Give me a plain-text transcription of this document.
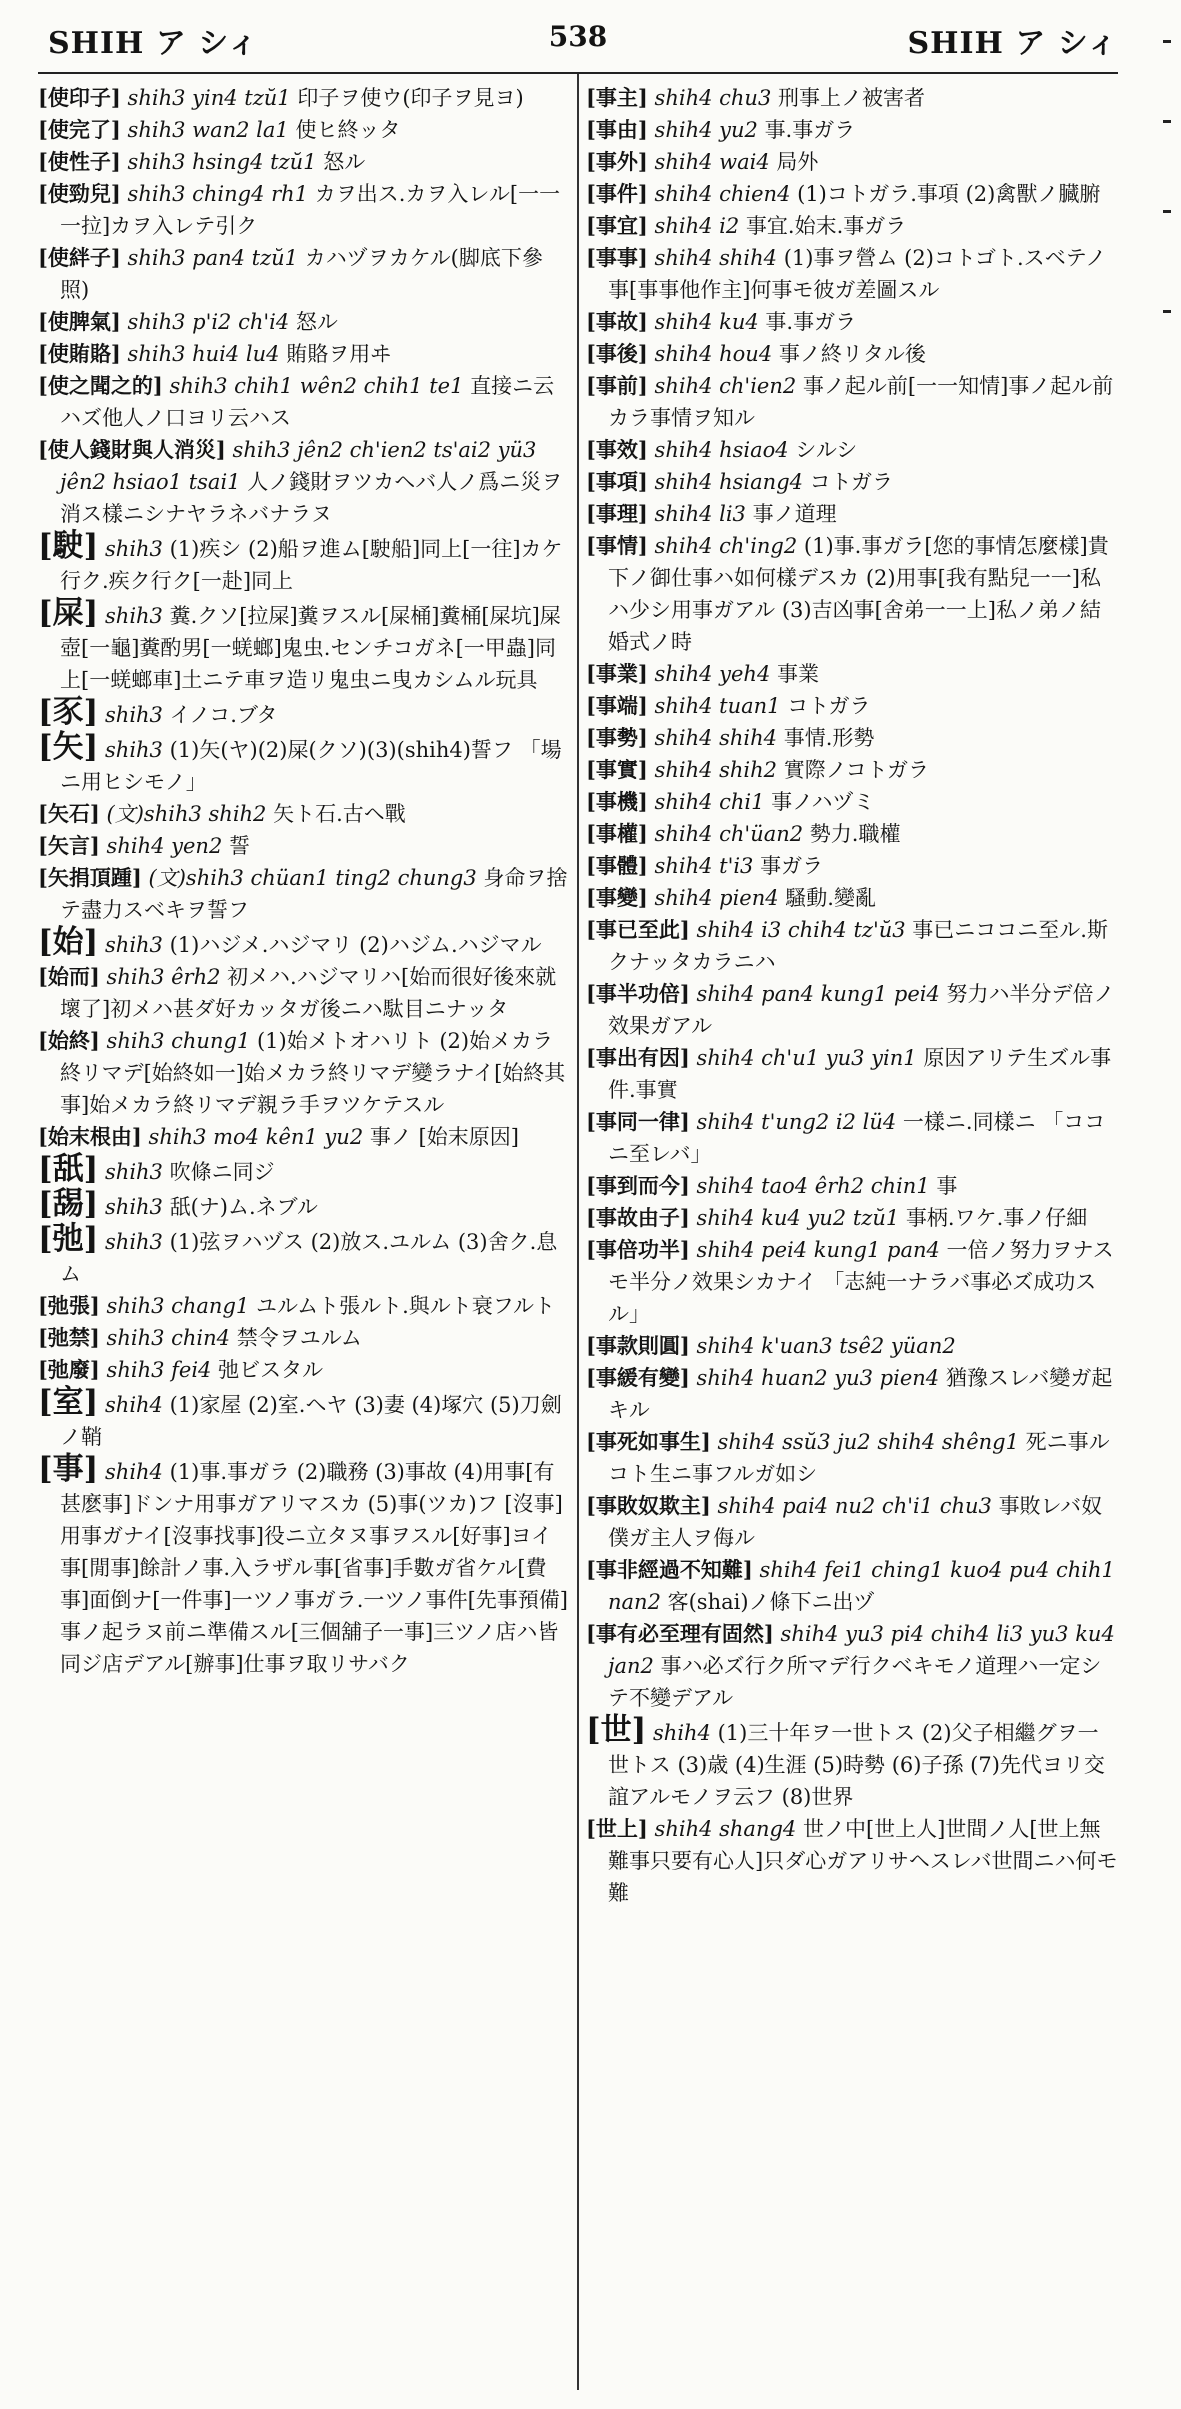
SHIH ア シィ	538	SHIH ア シィ
[使印子] shih3 yin4 tzŭ1 印子ヲ使ウ(印子ヲ見ヨ)
[使完了] shih3 wan2 la1 使ヒ終ッタ
[使性子] shih3 hsing4 tzŭ1 怒ル
[使勁兒] shih3 ching4 rh1 カヲ出ス.カヲ入レル[一一一拉]カヲ入レテ引ク
[使絆子] shih3 pan4 tzŭ1 カハヅヲカケル(脚底下參照)
[使脾氣] shih3 p'i2 ch'i4 怒ル
[使賄賂] shih3 hui4 lu4 賄賂ヲ用ヰ
[使之聞之的] shih3 chih1 wên2 chih1 te1 直接ニ云ハズ他人ノ口ヨリ云ハス
[使人錢財與人消災] shih3 jên2 ch'ien2 ts'ai2 yü3 jên2 hsiao1 tsai1 人ノ錢財ヲツカヘバ人ノ爲ニ災ヲ消ス樣ニシナヤラネバナラヌ
[駛] shih3 (1)疾シ (2)船ヲ進ム[駛船]同上[一往]カケ行ク.疾ク行ク[一赴]同上
[屎] shih3 糞.クソ[拉屎]糞ヲスル[屎桶]糞桶[屎坑]屎壺[一龜]糞酌男[一蜣螂]鬼虫.センチコガネ[一甲蟲]同上[一蜣螂車]土ニテ車ヲ造リ鬼虫ニ曳カシムル玩具
[豕] shih3 イノコ.ブタ
[矢] shih3 (1)矢(ヤ)(2)屎(クソ)(3)(shih4)誓フ 「場ニ用ヒシモノ」
[矢石] (文)shih3 shih2 矢ト石.古ヘ戰
[矢言] shih4 yen2 誓
[矢捐頂踵] (文)shih3 chüan1 ting2 chung3 身命ヲ捨テ盡力スベキヲ誓フ
[始] shih3 (1)ハジメ.ハジマリ (2)ハジム.ハジマル
[始而] shih3 êrh2 初メハ.ハジマリハ[始而很好後來就壞了]初メハ甚ダ好カッタガ後ニハ駄目ニナッタ
[始終] shih3 chung1 (1)始メトオハリト (2)始メカラ終リマデ[始終如一]始メカラ終リマデ變ラナイ[始終其事]始メカラ終リマデ親ラ手ヲツケテスル
[始末根由] shih3 mo4 kên1 yu2 事ノ [始末原因]
[舐] shih3 吹條ニ同ジ
[舓] shih3 舐(ナ)ム.ネブル
[弛] shih3 (1)弦ヲハヅス (2)放ス.ユルム (3)舍ク.息ム
[弛張] shih3 chang1 ユルムト張ルト.與ルト衰フルト
[弛禁] shih3 chin4 禁令ヲユルム
[弛廢] shih3 fei4 弛ビスタル
[室] shih4 (1)家屋 (2)室.ヘヤ (3)妻 (4)塚穴 (5)刀劍ノ鞘
[事] shih4 (1)事.事ガラ (2)職務 (3)事故 (4)用事[有甚麽事]ドンナ用事ガアリマスカ (5)事(ツカ)フ [沒事]用事ガナイ[沒事找事]役ニ立タヌ事ヲスル[好事]ヨイ事[閒事]餘計ノ事.入ラザル事[省事]手數ガ省ケル[費事]面倒ナ[一件事]一ツノ事ガラ.一ツノ事件[先事預備]事ノ起ラヌ前ニ準備スル[三個舖子一事]三ツノ店ハ皆同ジ店デアル[辦事]仕事ヲ取リサバク
[事主] shih4 chu3 刑事上ノ被害者
[事由] shih4 yu2 事.事ガラ
[事外] shih4 wai4 局外
[事件] shih4 chien4 (1)コトガラ.事項 (2)禽獸ノ臓腑
[事宜] shih4 i2 事宜.始末.事ガラ
[事事] shih4 shih4 (1)事ヲ營ム (2)コトゴト.スベテノ事[事事他作主]何事モ彼ガ差圖スル
[事故] shih4 ku4 事.事ガラ
[事後] shih4 hou4 事ノ終リタル後
[事前] shih4 ch'ien2 事ノ起ル前[一一知情]事ノ起ル前カラ事情ヲ知ル
[事效] shih4 hsiao4 シルシ
[事項] shih4 hsiang4 コトガラ
[事理] shih4 li3 事ノ道理
[事情] shih4 ch'ing2 (1)事.事ガラ[您的事情怎麼樣]貴下ノ御仕事ハ如何樣デスカ (2)用事[我有點兒一一]私ハ少シ用事ガアル (3)吉凶事[舍弟一一上]私ノ弟ノ結婚式ノ時
[事業] shih4 yeh4 事業
[事端] shih4 tuan1 コトガラ
[事勢] shih4 shih4 事情.形勢
[事實] shih4 shih2 實際ノコトガラ
[事機] shih4 chi1 事ノハヅミ
[事權] shih4 ch'üan2 勢力.職權
[事體] shih4 t'i3 事ガラ
[事變] shih4 pien4 騷動.變亂
[事已至此] shih4 i3 chih4 tz'ŭ3 事已ニココニ至ル.斯クナッタカラニハ
[事半功倍] shih4 pan4 kung1 pei4 努力ハ半分デ倍ノ效果ガアル
[事出有因] shih4 ch'u1 yu3 yin1 原因アリテ生ズル事件.事實
[事同一律] shih4 t'ung2 i2 lü4 一樣ニ.同樣ニ 「ココニ至レバ」
[事到而今] shih4 tao4 êrh2 chin1 事
[事故由子] shih4 ku4 yu2 tzŭ1 事柄.ワケ.事ノ仔細
[事倍功半] shih4 pei4 kung1 pan4 一倍ノ努力ヲナスモ半分ノ效果シカナイ 「志純一ナラバ事必ズ成功スル」
[事款則圓] shih4 k'uan3 tsê2 yüan2
[事緩有變] shih4 huan2 yu3 pien4 猶豫スレバ變ガ起キル
[事死如事生] shih4 ssŭ3 ju2 shih4 shêng1 死ニ事ルコト生ニ事フルガ如シ
[事敗奴欺主] shih4 pai4 nu2 ch'i1 chu3 事敗レバ奴僕ガ主人ヲ侮ル
[事非經過不知難] shih4 fei1 ching1 kuo4 pu4 chih1 nan2 客(shai)ノ條下ニ出ヅ
[事有必至理有固然] shih4 yu3 pi4 chih4 li3 yu3 ku4 jan2 事ハ必ズ行ク所マデ行クベキモノ道理ハ一定シテ不變デアル
[世] shih4 (1)三十年ヲ一世トス (2)父子相繼グヲ一世トス (3)歳 (4)生涯 (5)時勢 (6)子孫 (7)先代ヨリ交誼アルモノヲ云フ (8)世界
[世上] shih4 shang4 世ノ中[世上人]世間ノ人[世上無難事只要有心人]只ダ心ガアリサヘスレバ世間ニハ何モ難
